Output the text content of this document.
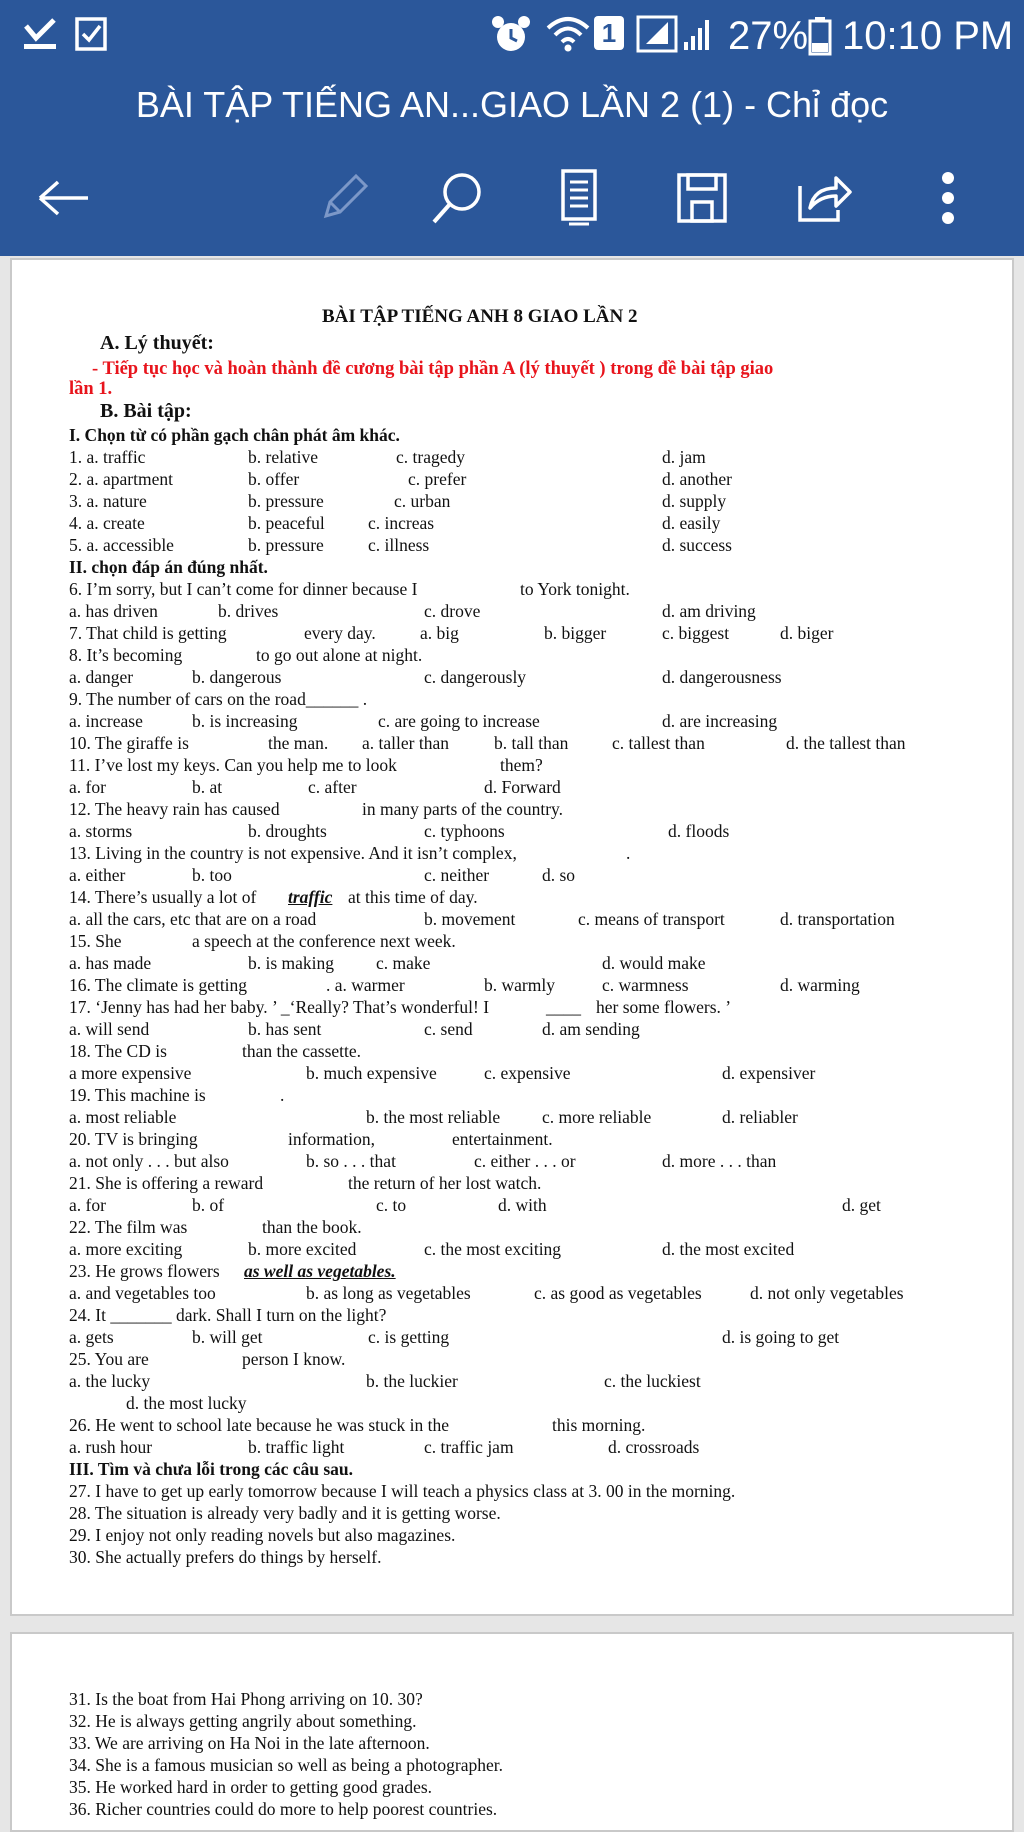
1	27% 10:10 PM
BÀI TẬP TIẾNG AN...GIAO LẦN 2 (1) - Chỉ đọc
BÀI TẬP TIẾNG ANH 8 GIAO LẦN 2
A. Lý thuyết:
- Tiếp tục học và hoàn thành đề cương bài tập phần A (lý thuyết ) trong đề bài tập giao
lần 1.
B. Bài tập:
I. Chọn từ có phần gạch chân phát âm khác.
1. a. traffic	b. relative	c. tragedy	d. jam
2. a. apartment	b. offer	c. prefer	d. another
3. a. nature	b. pressure	c. urban	d. supply
4. a. create	b. peaceful c. increas	d. easily
5. a. accessible	b. pressure	c. illness	d. success
II. chọn đáp án đúng nhất.
6. I’m sorry, but I can’t come for dinner because I	to York tonight.
a. has driven	b. drives	c. drove	d. am driving
7. That child is getting	every day.	a. big	b. bigger	c. biggest	d. biger
8. It’s becoming	to go out alone at night.
a. danger	b. dangerous	c. dangerously	d. dangerousness
9. The number of cars on the road______ .
a. increase	b. is increasing	c. are going to increase	d. are increasing
10. The giraffe is	the man. a. taller than	b. tall than c. tallest than	d. the tallest than
11. I’ve lost my keys. Can you help me to look	them?
a. for	b. at	c. after	d. Forward
12. The heavy rain has caused	in many parts of the country.
a. storms	b. droughts	c. typhoons	d. floods
13. Living in the country is not expensive. And it isn’t complex,	.
a. either	b. too	c. neither	d. so
14. There’s usually a lot of traffic at this time of day.
a. all the cars, etc that are on a road	b. movement	c. means of transport	d. transportation
15. She	a speech at the conference next week.
a. has made	b. is making c. make	d. would make
16. The climate is getting	. a. warmer	b. warmly	c. warmness	d. warming
17. ‘Jenny has had her baby. ’ _‘Really? That’s wonderful! I	____ her some flowers. ’
a. will send	b. has sent	c. send	d. am sending
18. The CD is	than the cassette.
a more expensive	b. much expensive	c. expensive	d. expensiver
19. This machine is	.
a. most reliable	b. the most reliable c. more reliable	d. reliabler
20. TV is bringing	information,	entertainment.
a. not only . . . but also	b. so . . . that	c. either . . . or	d. more . . . than
21. She is offering a reward	the return of her lost watch.
a. for	b. of	c. to	d. with	d. get
22. The film was	than the book.
a. more exciting	b. more excited	c. the most exciting	d. the most excited
23. He grows flowers as well as vegetables.
a. and vegetables too	b. as long as vegetables	c. as good as vegetables	d. not only vegetables
24. It _______ dark. Shall I turn on the light?
a. gets	b. will get	c. is getting	d. is going to get
25. You are	person I know.
a. the lucky	b. the luckier	c. the luckiest
d. the most lucky
26. He went to school late because he was stuck in the	this morning.
a. rush hour	b. traffic light	c. traffic jam	d. crossroads
III. Tìm và chưa lỗi trong các câu sau.
27. I have to get up early tomorrow because I will teach a physics class at 3. 00 in the morning.
28. The situation is already very badly and it is getting worse.
29. I enjoy not only reading novels but also magazines.
30. She actually prefers do things by herself.
31. Is the boat from Hai Phong arriving on 10. 30?
32. He is always getting angrily about something.
33. We are arriving on Ha Noi in the late afternoon.
34. She is a famous musician so well as being a photographer.
35. He worked hard in order to getting good grades.
36. Richer countries could do more to help poorest countries.
